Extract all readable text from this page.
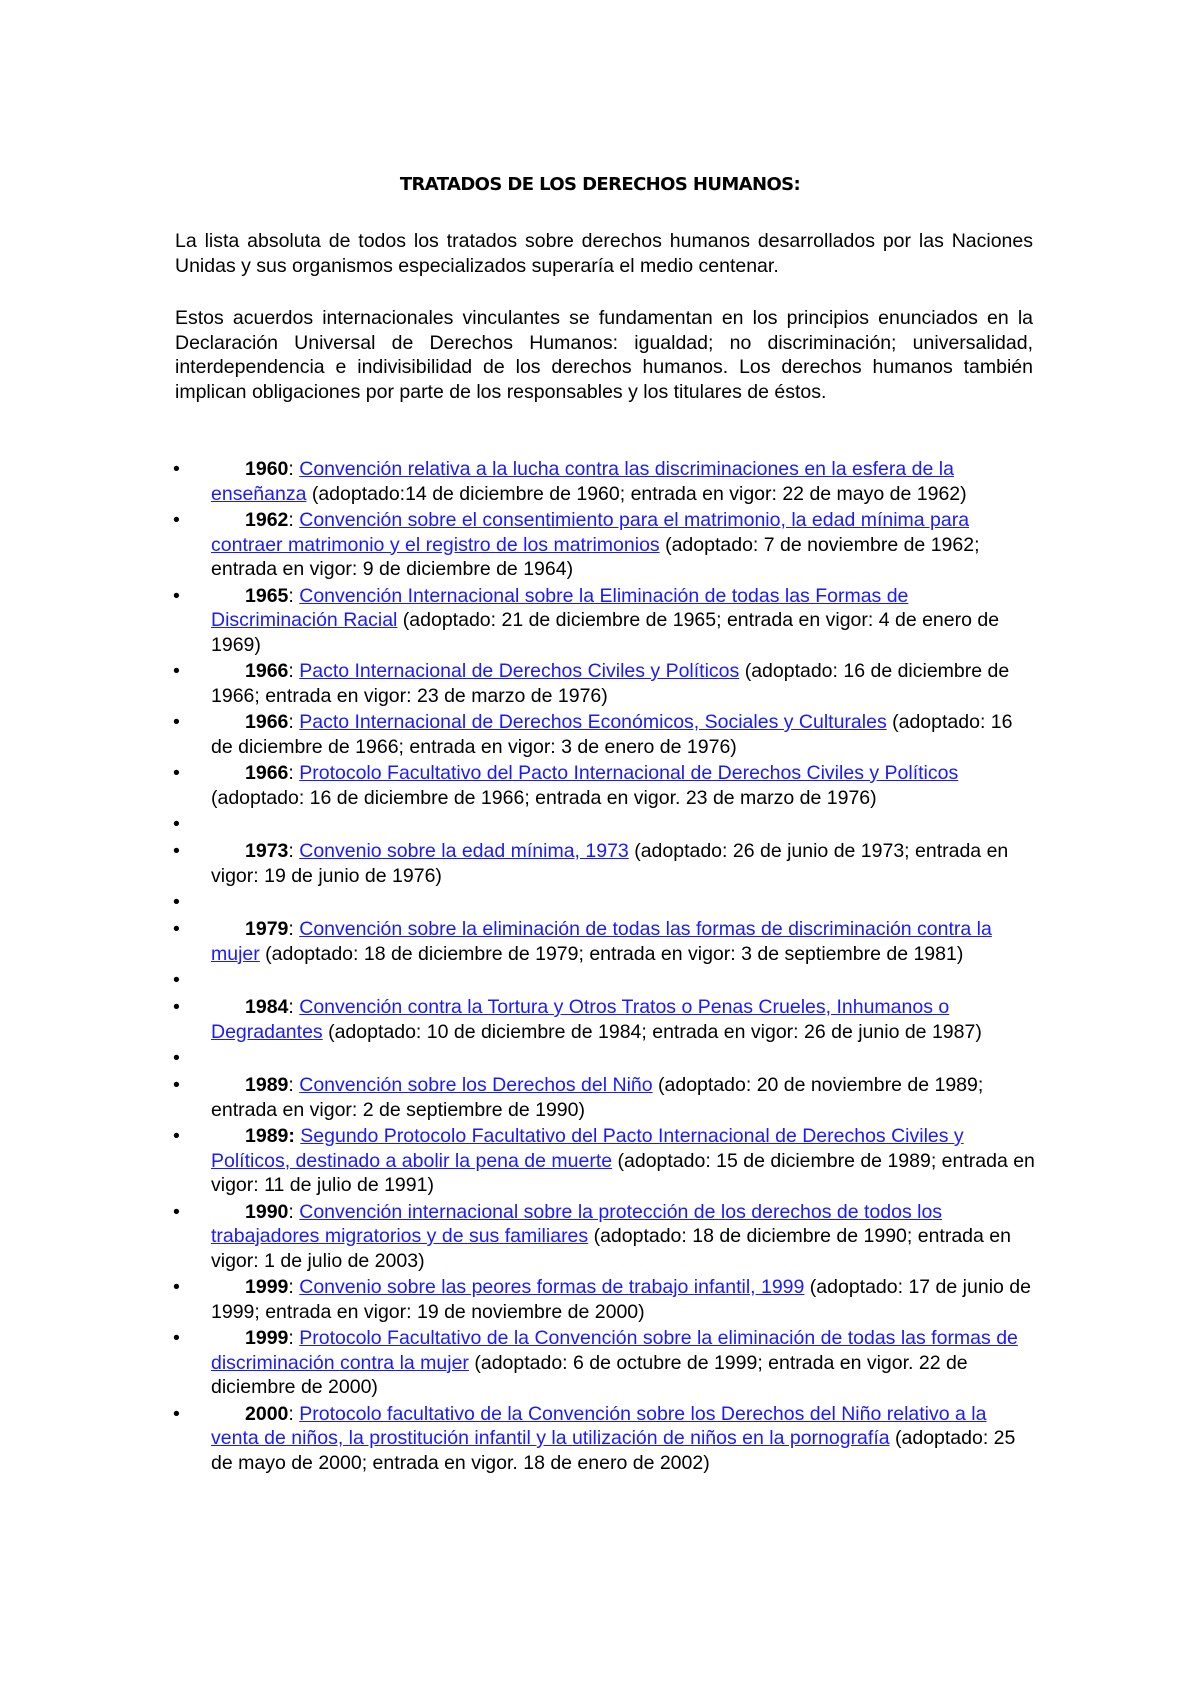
TRATADOS DE LOS DERECHOS HUMANOS:
La lista absoluta de todos los tratados sobre derechos humanos desarrollados por las Naciones Unidas y sus organismos especializados superaría el medio centenar.
Estos acuerdos internacionales vinculantes se fundamentan en los principios enunciados en la Declaración Universal de Derechos Humanos: igualdad; no discriminación; universalidad, interdependencia e indivisibilidad de los derechos humanos. Los derechos humanos también implican obligaciones por parte de los responsables y los titulares de éstos.
•	1960: Convención relativa a la lucha contra las discriminaciones en la esfera de la enseñanza (adoptado:14 de diciembre de 1960; entrada en vigor: 22 de mayo de 1962)
•	1962: Convención sobre el consentimiento para el matrimonio, la edad mínima para contraer matrimonio y el registro de los matrimonios (adoptado: 7 de noviembre de 1962; entrada en vigor: 9 de diciembre de 1964)
•	1965: Convención Internacional sobre la Eliminación de todas las Formas de Discriminación Racial (adoptado: 21 de diciembre de 1965; entrada en vigor: 4 de enero de 1969)
•	1966: Pacto Internacional de Derechos Civiles y Políticos (adoptado: 16 de diciembre de 1966; entrada en vigor: 23 de marzo de 1976)
•	1966: Pacto Internacional de Derechos Económicos, Sociales y Culturales (adoptado: 16 de diciembre de 1966; entrada en vigor: 3 de enero de 1976)
•	1966: Protocolo Facultativo del Pacto Internacional de Derechos Civiles y Políticos (adoptado: 16 de diciembre de 1966; entrada en vigor. 23 de marzo de 1976)
•
•	1973: Convenio sobre la edad mínima, 1973 (adoptado: 26 de junio de 1973; entrada en vigor: 19 de junio de 1976)
•
•	1979: Convención sobre la eliminación de todas las formas de discriminación contra la mujer (adoptado: 18 de diciembre de 1979; entrada en vigor: 3 de septiembre de 1981)
•
•	1984: Convención contra la Tortura y Otros Tratos o Penas Crueles, Inhumanos o Degradantes (adoptado: 10 de diciembre de 1984; entrada en vigor: 26 de junio de 1987)
•
•	1989: Convención sobre los Derechos del Niño (adoptado: 20 de noviembre de 1989; entrada en vigor: 2 de septiembre de 1990)
•	1989: Segundo Protocolo Facultativo del Pacto Internacional de Derechos Civiles y Políticos, destinado a abolir la pena de muerte (adoptado: 15 de diciembre de 1989; entrada en vigor: 11 de julio de 1991)
•	1990: Convención internacional sobre la protección de los derechos de todos los trabajadores migratorios y de sus familiares (adoptado: 18 de diciembre de 1990; entrada en vigor: 1 de julio de 2003)
•	1999: Convenio sobre las peores formas de trabajo infantil, 1999 (adoptado: 17 de junio de 1999; entrada en vigor: 19 de noviembre de 2000)
•	1999: Protocolo Facultativo de la Convención sobre la eliminación de todas las formas de discriminación contra la mujer (adoptado: 6 de octubre de 1999; entrada en vigor. 22 de diciembre de 2000)
•	2000: Protocolo facultativo de la Convención sobre los Derechos del Niño relativo a la venta de niños, la prostitución infantil y la utilización de niños en la pornografía (adoptado: 25 de mayo de 2000; entrada en vigor. 18 de enero de 2002)
